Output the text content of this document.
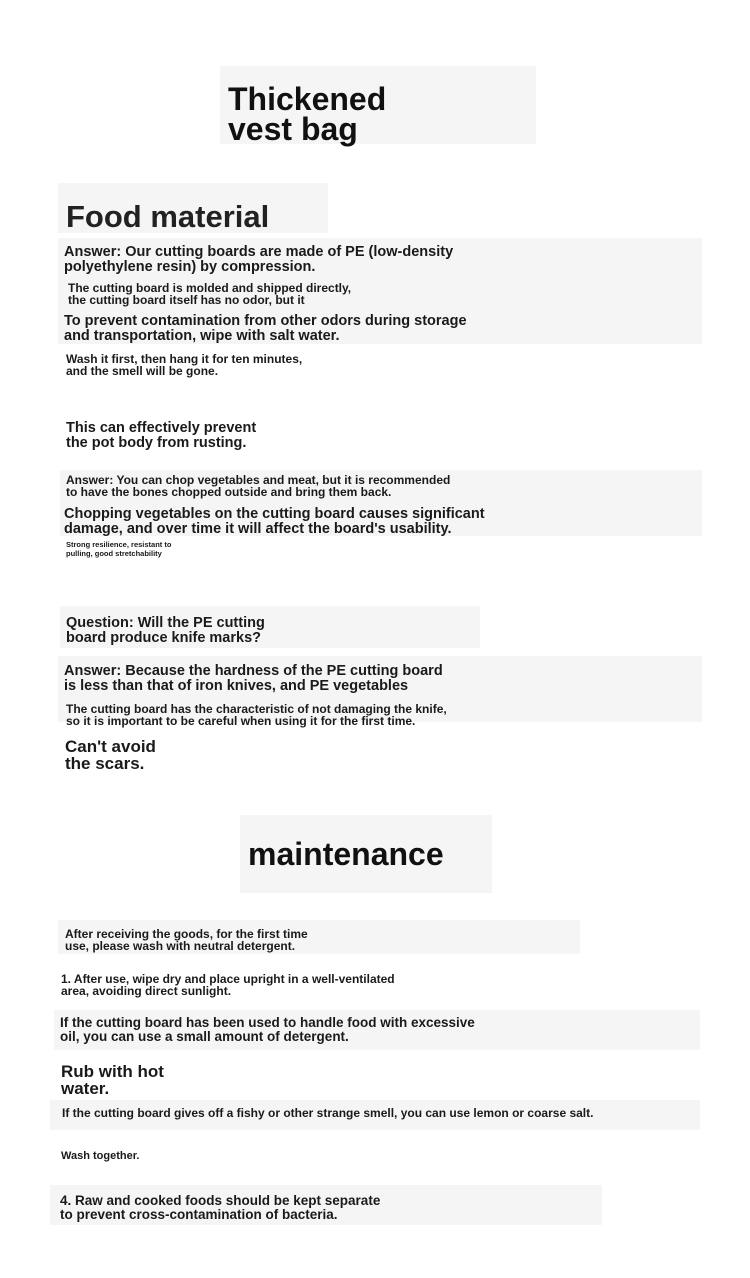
Thickened
vest bag
Food material
Answer: Our cutting boards are made of PE (low-density
polyethylene resin) by compression.
The cutting board is molded and shipped directly,
the cutting board itself has no odor, but it
To prevent contamination from other odors during storage
and transportation, wipe with salt water.
Wash it first, then hang it for ten minutes,
and the smell will be gone.
This can effectively prevent
the pot body from rusting.
Answer: You can chop vegetables and meat, but it is recommended
to have the bones chopped outside and bring them back.
Chopping vegetables on the cutting board causes significant
damage, and over time it will affect the board's usability.
Strong resilience, resistant to
pulling, good stretchability
Question: Will the PE cutting
board produce knife marks?
Answer: Because the hardness of the PE cutting board
is less than that of iron knives, and PE vegetables
The cutting board has the characteristic of not damaging the knife,
so it is important to be careful when using it for the first time.
Can't avoid
the scars.
maintenance
After receiving the goods, for the first time
use, please wash with neutral detergent.
1. After use, wipe dry and place upright in a well-ventilated
area, avoiding direct sunlight.
If the cutting board has been used to handle food with excessive
oil, you can use a small amount of detergent.
Rub with hot
water.
If the cutting board gives off a fishy or other strange smell, you can use lemon or coarse salt.
Wash together.
4. Raw and cooked foods should be kept separate
to prevent cross-contamination of bacteria.
